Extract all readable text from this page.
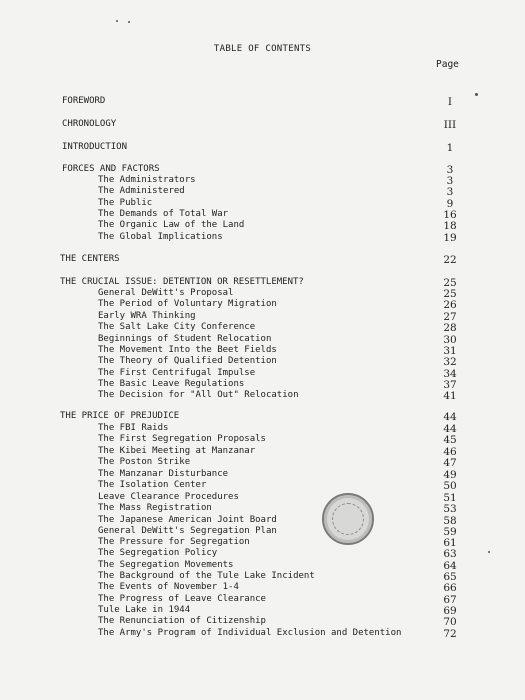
TABLE OF CONTENTS
Page
FOREWORD	I
CHRONOLOGY	III
INTRODUCTION	1
FORCES AND FACTORS	3
The Administrators	3
The Administered	3
The Public	9
The Demands of Total War	16
The Organic Law of the Land	18
The Global Implications	19
THE CENTERS	22
THE CRUCIAL ISSUE: DETENTION OR RESETTLEMENT?	25
General DeWitt's Proposal	25
The Period of Voluntary Migration	26
Early WRA Thinking	27
The Salt Lake City Conference	28
Beginnings of Student Relocation	30
The Movement Into the Beet Fields	31
The Theory of Qualified Detention	32
The First Centrifugal Impulse	34
The Basic Leave Regulations	37
The Decision for "All Out" Relocation	41
THE PRICE OF PREJUDICE	44
The FBI Raids	44
The First Segregation Proposals	45
The Kibei Meeting at Manzanar	46
The Poston Strike	47
The Manzanar Disturbance	49
The Isolation Center	50
Leave Clearance Procedures	51
The Mass Registration	53
The Japanese American Joint Board	58
General DeWitt's Segregation Plan	59
The Pressure for Segregation	61
The Segregation Policy	63
The Segregation Movements	64
The Background of the Tule Lake Incident	65
The Events of November 1-4	66
The Progress of Leave Clearance	67
Tule Lake in 1944	69
The Renunciation of Citizenship	70
The Army's Program of Individual Exclusion and Detention	72
